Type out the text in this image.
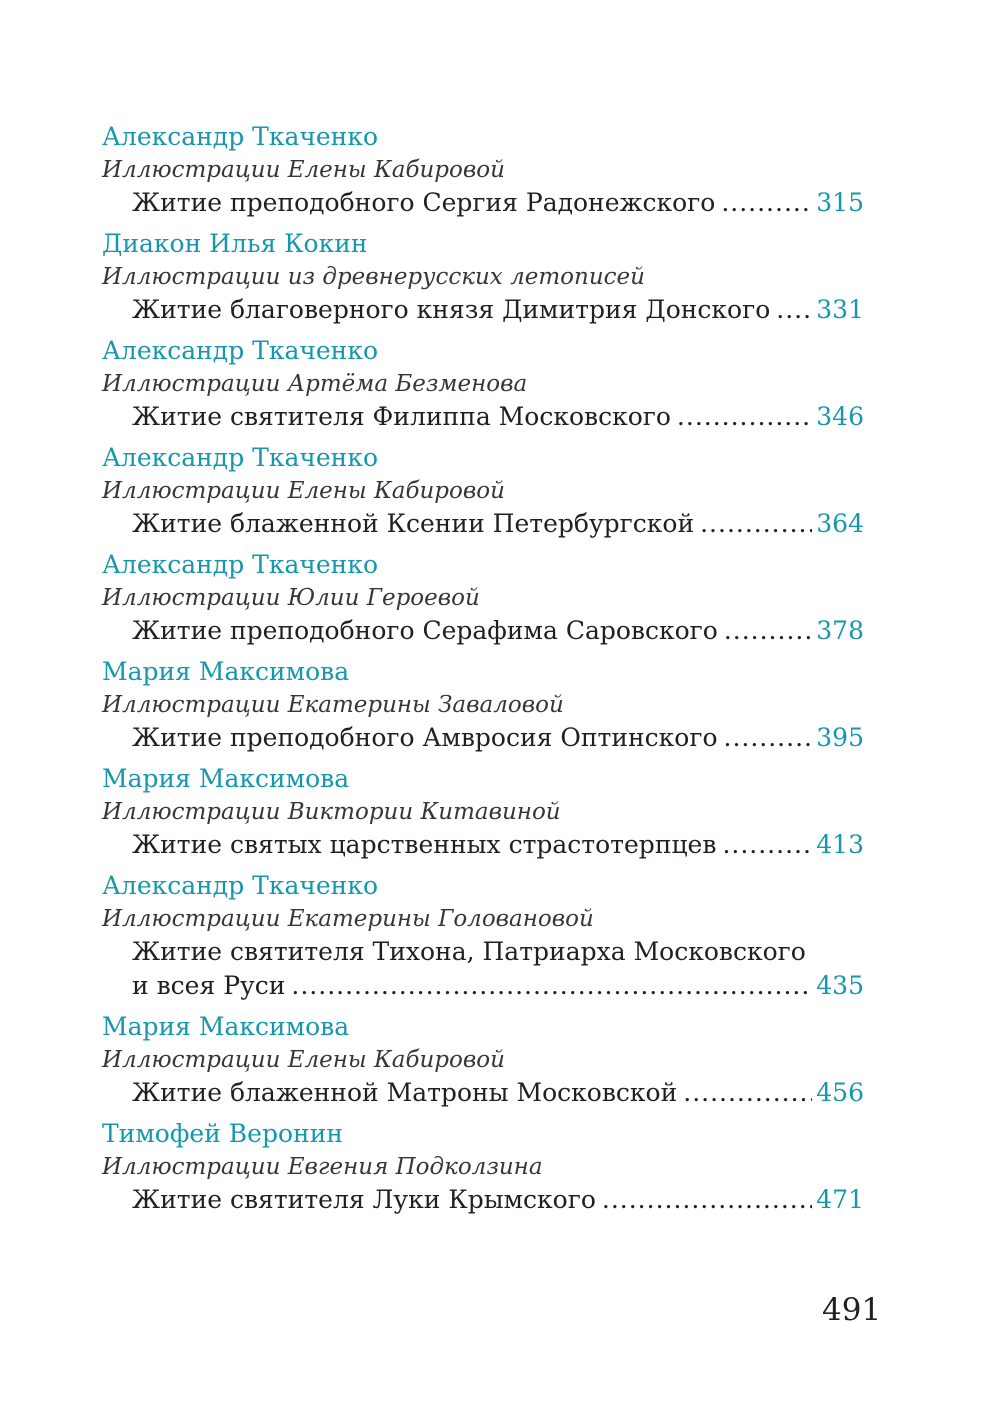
Александр Ткаченко
Иллюстрации Елены Кабировой
Житие преподобного Сергия Радонежского .....	315
Диакон Илья Кокин
Иллюстрации из древнерусских летописей
Житие благоверного князя Димитрия Донского ..... 331
Александр Ткаченко
Иллюстрации Артёма Безменова
Житие святителя Филиппа Московского .....	346
Александр Ткаченко
Иллюстрации Елены Кабировой
Житие блаженной Ксении Петербургской .....	364
Александр Ткаченко
Иллюстрации Юлии Героевой
Житие преподобного Серафима Саровского .....	378
Мария Максимова
Иллюстрации Екатерины Заваловой
Житие преподобного Амвросия Оптинского .....	395
Мария Максимова
Иллюстрации Виктории Китавиной
Житие святых царственных страстотерпцев .....	413
Александр Ткаченко
Иллюстрации Екатерины Головановой
Житие святителя Тихона, Патриарха Московского
и всея Руси .....	435
Мария Максимова
Иллюстрации Елены Кабировой
Житие блаженной Матроны Московской .....	456
Тимофей Веронин
Иллюстрации Евгения Подколзина
Житие святителя Луки Крымского .....	471
491
